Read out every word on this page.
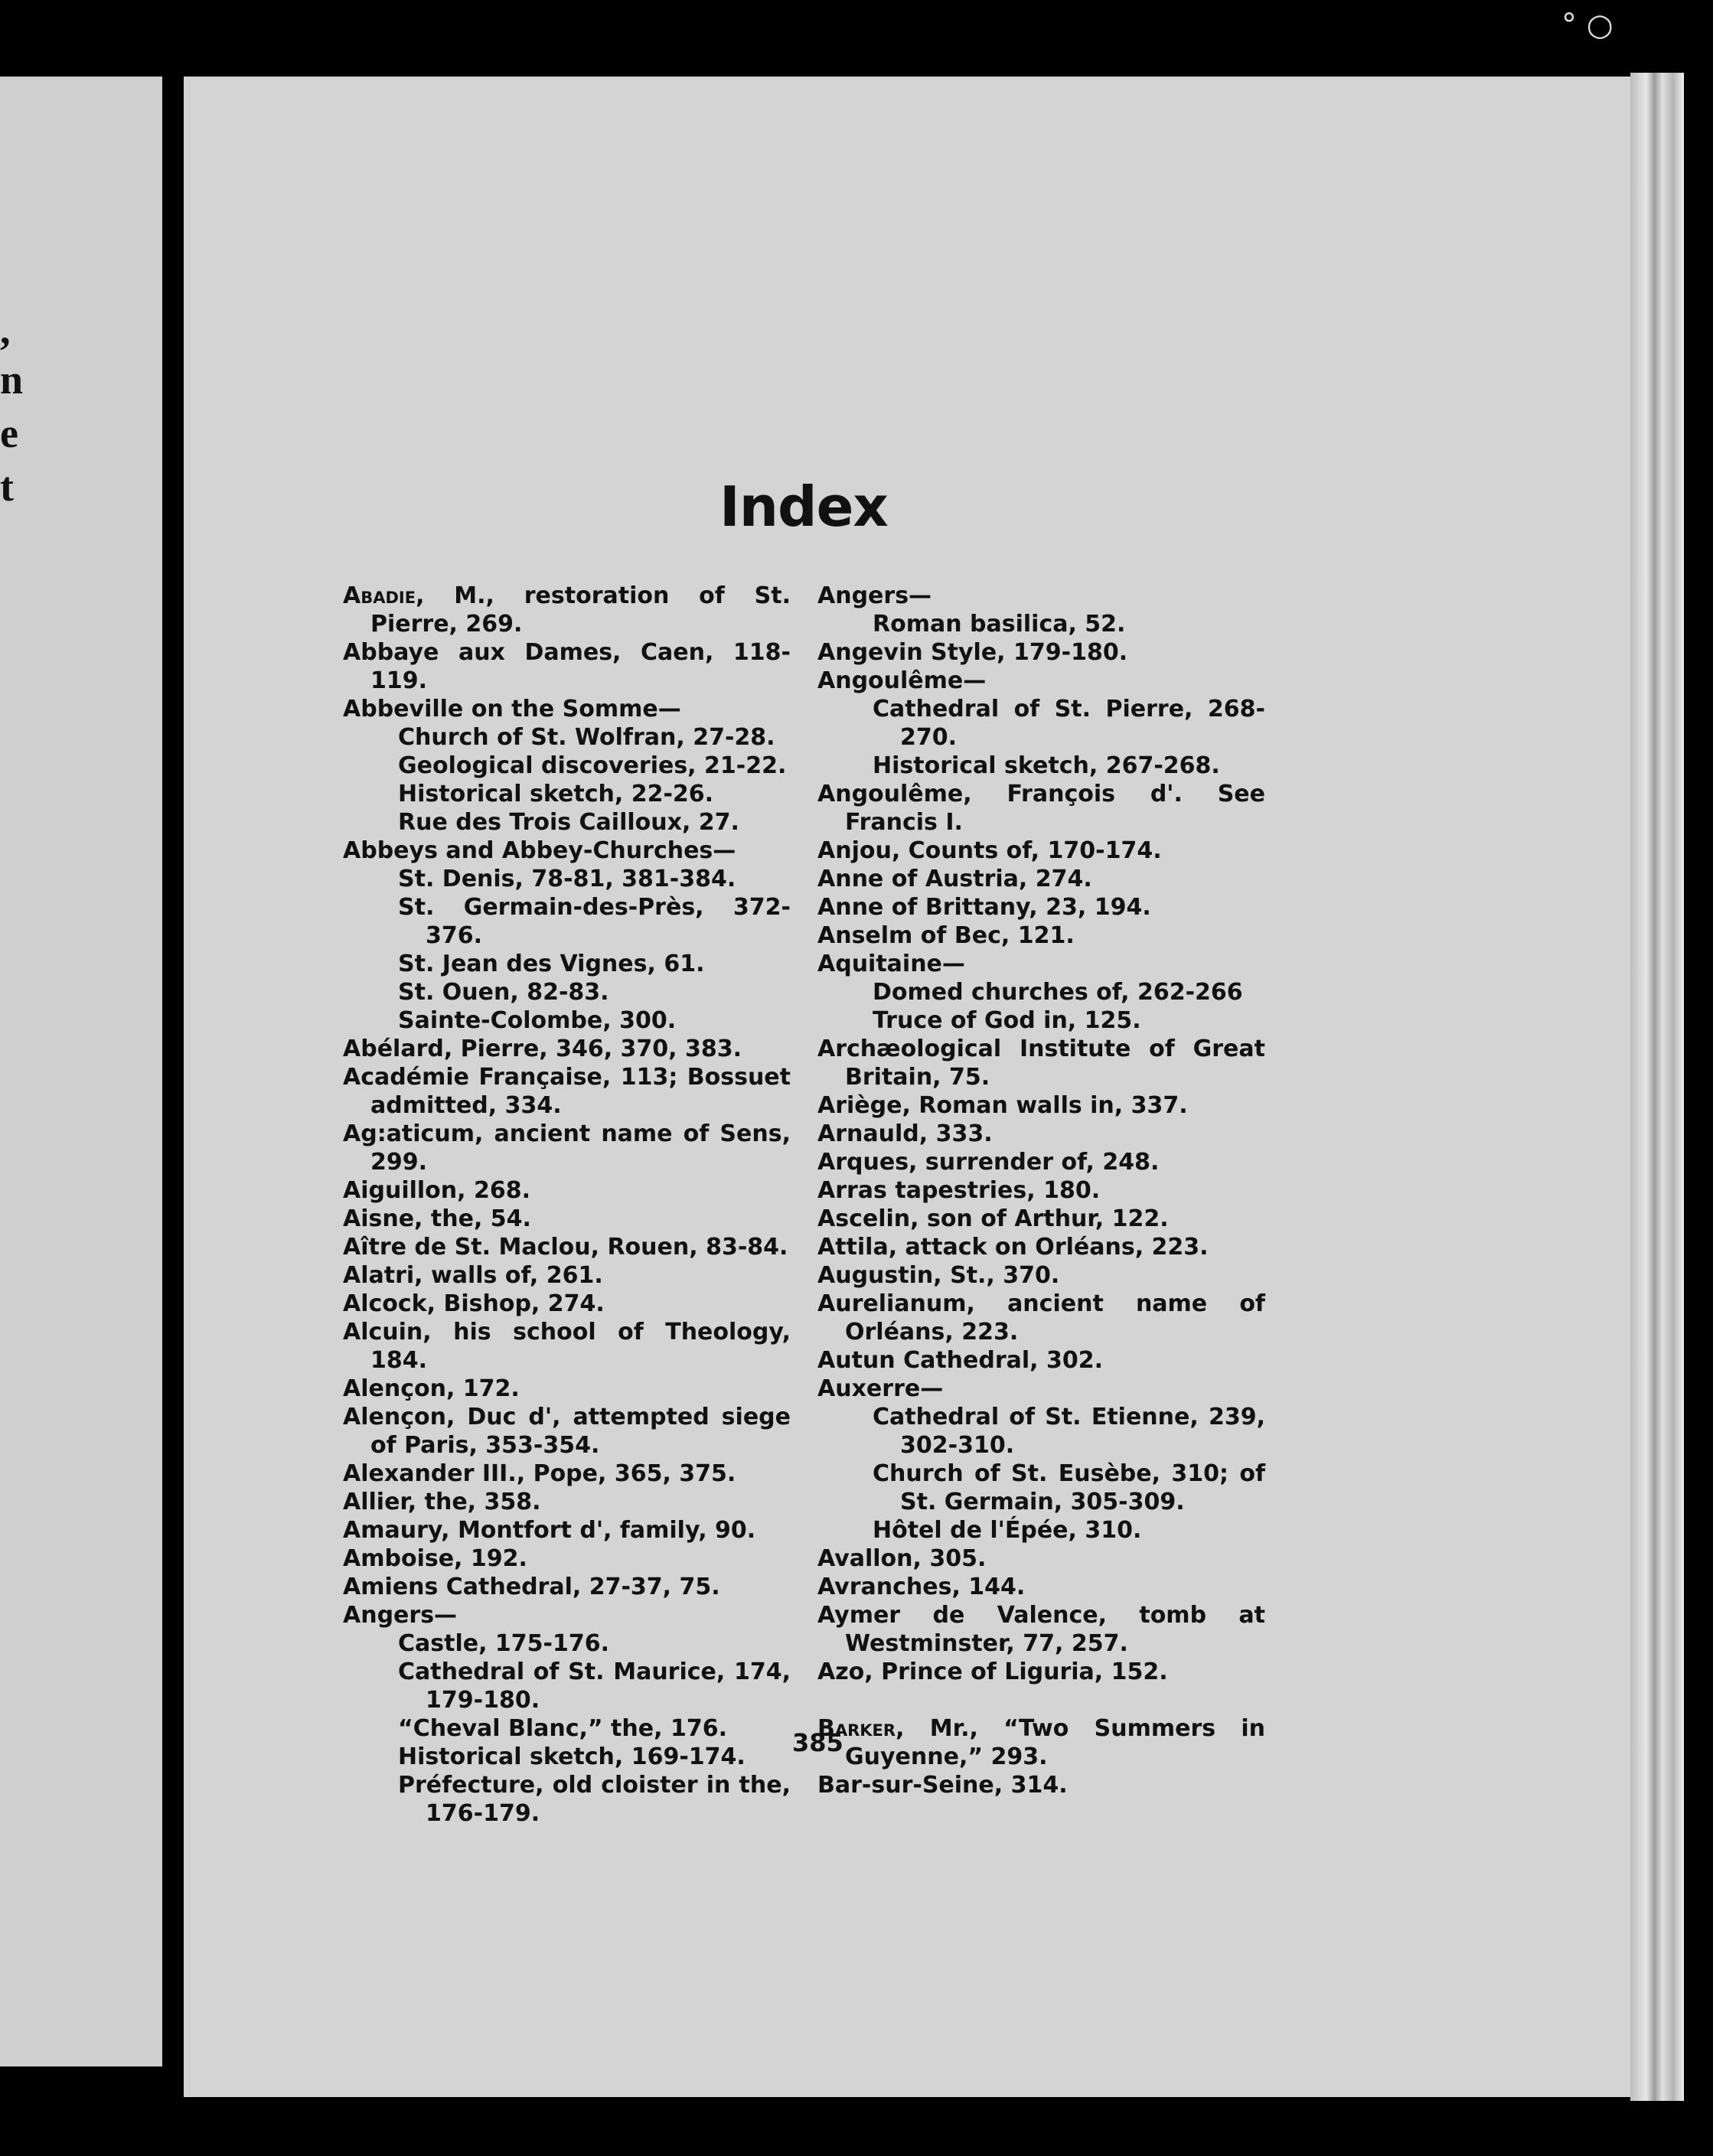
,
n
e
t
° ○
Index
Abadie, M., restoration of St. Pierre, 269.
Abbaye aux Dames, Caen, 118-119.
Abbeville on the Somme—
Church of St. Wolfran, 27-28.
Geological discoveries, 21-22.
Historical sketch, 22-26.
Rue des Trois Cailloux, 27.
Abbeys and Abbey-Churches—
St. Denis, 78-81, 381-384.
St. Germain-des-Près, 372-376.
St. Jean des Vignes, 61.
St. Ouen, 82-83.
Sainte-Colombe, 300.
Abélard, Pierre, 346, 370, 383.
Académie Française, 113; Bossuet admitted, 334.
Ag:aticum, ancient name of Sens, 299.
Aiguillon, 268.
Aisne, the, 54.
Aître de St. Maclou, Rouen, 83-84.
Alatri, walls of, 261.
Alcock, Bishop, 274.
Alcuin, his school of Theology, 184.
Alençon, 172.
Alençon, Duc d', attempted siege of Paris, 353-354.
Alexander III., Pope, 365, 375.
Allier, the, 358.
Amaury, Montfort d', family, 90.
Amboise, 192.
Amiens Cathedral, 27-37, 75.
Angers—
Castle, 175-176.
Cathedral of St. Maurice, 174, 179-180.
“Cheval Blanc,” the, 176.
Historical sketch, 169-174.
Préfecture, old cloister in the, 176-179.
Angers—
Roman basilica, 52.
Angevin Style, 179-180.
Angoulême—
Cathedral of St. Pierre, 268-270.
Historical sketch, 267-268.
Angoulême, François d'. See Francis I.
Anjou, Counts of, 170-174.
Anne of Austria, 274.
Anne of Brittany, 23, 194.
Anselm of Bec, 121.
Aquitaine—
Domed churches of, 262-266
Truce of God in, 125.
Archæological Institute of Great Britain, 75.
Ariège, Roman walls in, 337.
Arnauld, 333.
Arques, surrender of, 248.
Arras tapestries, 180.
Ascelin, son of Arthur, 122.
Attila, attack on Orléans, 223.
Augustin, St., 370.
Aurelianum, ancient name of Orléans, 223.
Autun Cathedral, 302.
Auxerre—
Cathedral of St. Etienne, 239, 302-310.
Church of St. Eusèbe, 310; of St. Germain, 305-309.
Hôtel de l'Épée, 310.
Avallon, 305.
Avranches, 144.
Aymer de Valence, tomb at Westminster, 77, 257.
Azo, Prince of Liguria, 152.
Barker, Mr., “Two Summers in Guyenne,” 293.
Bar-sur-Seine, 314.
385
